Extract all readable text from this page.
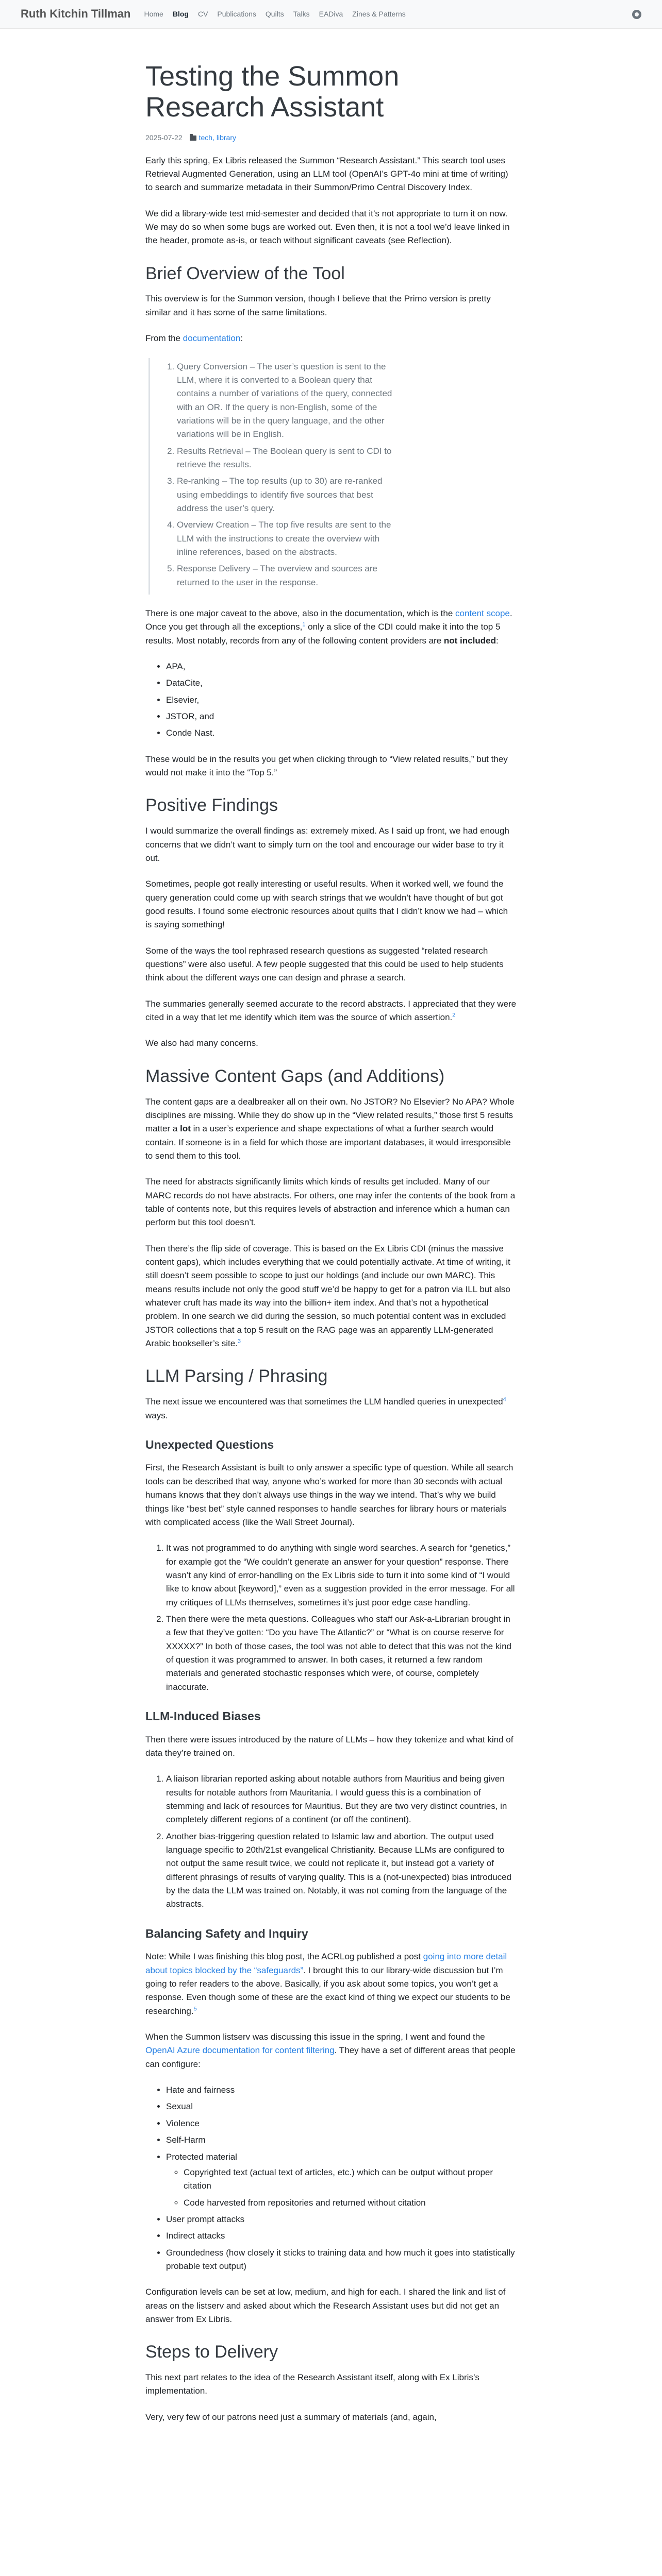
Ruth Kitchin Tillman Home Blog CV Publications Quilts Talks EADiva Zines & Patterns
Testing the Summon Research Assistant
2025-07-22 tech, library

Early this spring, Ex Libris released the Summon “Research Assistant.” This search tool uses Retrieval Augmented Generation, using an LLM tool (OpenAI’s GPT-4o mini at time of writing) to search and summarize metadata in their Summon/Primo Central Discovery Index.

We did a library-wide test mid-semester and decided that it’s not appropriate to turn it on now. We may do so when some bugs are worked out. Even then, it is not a tool we’d leave linked in the header, promote as-is, or teach without significant caveats (see Reflection).

Brief Overview of the Tool

This overview is for the Summon version, though I believe that the Primo version is pretty similar and it has some of the same limitations.

From the documentation:

1. Query Conversion – The user’s question is sent to the LLM, where it is converted to a Boolean query that contains a number of variations of the query, connected with an OR. If the query is non-English, some of the variations will be in the query language, and the other variations will be in English.
2. Results Retrieval – The Boolean query is sent to CDI to retrieve the results.
3. Re-ranking – The top results (up to 30) are re-ranked using embeddings to identify five sources that best address the user’s query.
4. Overview Creation – The top five results are sent to the LLM with the instructions to create the overview with inline references, based on the abstracts.
5. Response Delivery – The overview and sources are returned to the user in the response.

There is one major caveat to the above, also in the documentation, which is the content scope. Once you get through all the exceptions,$^1$ only a slice of the CDI could make it into the top 5 results. Most notably, records from any of the following content providers are not included:

• APA,
• DataCite,
• Elsevier,
• JSTOR, and
• Conde Nast.

These would be in the results you get when clicking through to “View related results,” but they would not make it into the “Top 5.”

Positive Findings

I would summarize the overall findings as: extremely mixed. As I said up front, we had enough concerns that we didn’t want to simply turn on the tool and encourage our wider base to try it out.

Sometimes, people got really interesting or useful results. When it worked well, we found the query generation could come up with search strings that we wouldn’t have thought of but got good results. I found some electronic resources about quilts that I didn’t know we had – which is saying something!

Some of the ways the tool rephrased research questions as suggested “related research questions” were also useful. A few people suggested that this could be used to help students think about the different ways one can design and phrase a search.

The summaries generally seemed accurate to the record abstracts. I appreciated that they were cited in a way that let me identify which item was the source of which assertion.$^2$

We also had many concerns.

Massive Content Gaps (and Additions)

The content gaps are a dealbreaker all on their own. No JSTOR? No Elsevier? No APA? Whole disciplines are missing. While they do show up in the “View related results,” those first 5 results matter a lot in a user’s experience and shape expectations of what a further search would contain. If someone is in a field for which those are important databases, it would irresponsible to send them to this tool.

The need for abstracts significantly limits which kinds of results get included. Many of our MARC records do not have abstracts. For others, one may infer the contents of the book from a table of contents note, but this requires levels of abstraction and inference which a human can perform but this tool doesn’t.

Then there’s the flip side of coverage. This is based on the Ex Libris CDI (minus the massive content gaps), which includes everything that we could potentially activate. At time of writing, it still doesn’t seem possible to scope to just our holdings (and include our own MARC). This means results include not only the good stuff we’d be happy to get for a patron via ILL but also whatever cruft has made its way into the billion+ item index. And that’s not a hypothetical problem. In one search we did during the session, so much potential content was in excluded JSTOR collections that a top 5 result on the RAG page was an apparently LLM-generated Arabic bookseller’s site.$^3$

LLM Parsing / Phrasing

The next issue we encountered was that sometimes the LLM handled queries in unexpected$^4$ ways.

Unexpected Questions

First, the Research Assistant is built to only answer a specific type of question. While all search tools can be described that way, anyone who’s worked for more than 30 seconds with actual humans knows that they don’t always use things in the way we intend. That’s why we build things like “best bet” style canned responses to handle searches for library hours or materials with complicated access (like the Wall Street Journal).

1. It was not programmed to do anything with single word searches. A search for “genetics,” for example got the “We couldn’t generate an answer for your question” response. There wasn’t any kind of error-handling on the Ex Libris side to turn it into some kind of “I would like to know about [keyword],” even as a suggestion provided in the error message. For all my critiques of LLMs themselves, sometimes it’s just poor edge case handling.
2. Then there were the meta questions. Colleagues who staff our Ask-a-Librarian brought in a few that they’ve gotten: “Do you have The Atlantic?” or “What is on course reserve for XXXXX?” In both of those cases, the tool was not able to detect that this was not the kind of question it was programmed to answer. In both cases, it returned a few random materials and generated stochastic responses which were, of course, completely inaccurate.
LLM-Induced Biases

Then there were issues introduced by the nature of LLMs – how they tokenize and what kind of data they’re trained on.

1. A liaison librarian reported asking about notable authors from Mauritius and being given results for notable authors from Mauritania. I would guess this is a combination of stemming and lack of resources for Mauritius. But they are two very distinct countries, in completely different regions of a continent (or off the continent).
2. Another bias-triggering question related to Islamic law and abortion. The output used language specific to 20th/21st evangelical Christianity. Because LLMs are configured to not output the same result twice, we could not replicate it, but instead got a variety of different phrasings of results of varying quality. This is a (not-unexpected) bias introduced by the data the LLM was trained on. Notably, it was not coming from the language of the abstracts.
Balancing Safety and Inquiry

Note: While I was finishing this blog post, the ACRLog published a post going into more detail about topics blocked by the “safeguards”. I brought this to our library-wide discussion but I’m going to refer readers to the above. Basically, if you ask about some topics, you won’t get a response. Even though some of these are the exact kind of thing we expect our students to be researching.$^5$

When the Summon listserv was discussing this issue in the spring, I went and found the OpenAI Azure documentation for content filtering. They have a set of different areas that people can configure:

• Hate and fairness
• Sexual
• Violence
• Self-Harm
• Protected material
◦ Copyrighted text (actual text of articles, etc.) which can be output without proper citation
◦ Code harvested from repositories and returned without citation
• User prompt attacks
• Indirect attacks
• Groundedness (how closely it sticks to training data and how much it goes into statistically probable text output)

Configuration levels can be set at low, medium, and high for each. I shared the link and list of areas on the listserv and asked about which the Research Assistant uses but did not get an answer from Ex Libris.

Steps to Delivery

This next part relates to the idea of the Research Assistant itself, along with Ex Libris’s implementation.

Very, very few of our patrons need just a summary of materials (and, again,
